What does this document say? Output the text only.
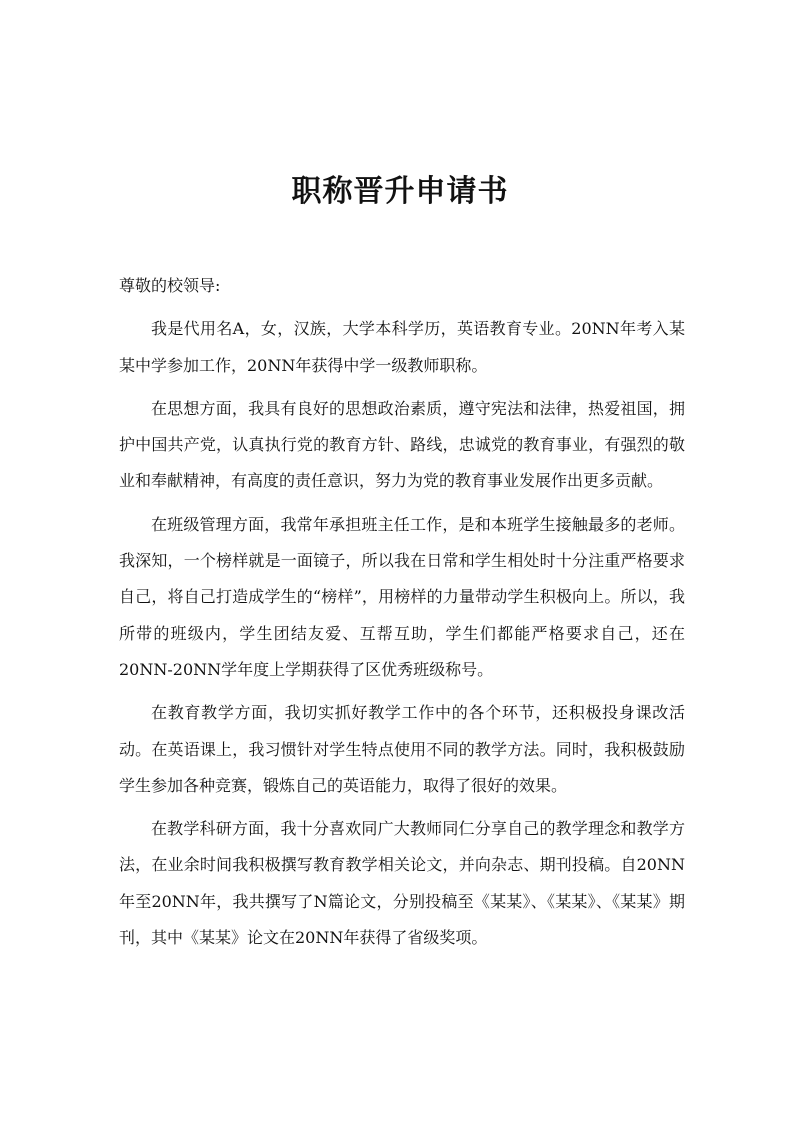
职称晋升申请书

尊敬的校领导:

我是代用名A，女，汉族，大学本科学历，英语教育专业。20NN年考入某某中学参加工作，20NN年获得中学一级教师职称。

在思想方面，我具有良好的思想政治素质，遵守宪法和法律，热爱祖国，拥护中国共产党，认真执行党的教育方针、路线，忠诚党的教育事业，有强烈的敬业和奉献精神，有高度的责任意识，努力为党的教育事业发展作出更多贡献。

在班级管理方面，我常年承担班主任工作，是和本班学生接触最多的老师。我深知，一个榜样就是一面镜子，所以我在日常和学生相处时十分注重严格要求自己，将自己打造成学生的“榜样”，用榜样的力量带动学生积极向上。所以，我所带的班级内，学生团结友爱、互帮互助，学生们都能严格要求自己，还在20NN-20NN学年度上学期获得了区优秀班级称号。

在教育教学方面，我切实抓好教学工作中的各个环节，还积极投身课改活动。在英语课上，我习惯针对学生特点使用不同的教学方法。同时，我积极鼓励学生参加各种竞赛，锻炼自己的英语能力，取得了很好的效果。

在教学科研方面，我十分喜欢同广大教师同仁分享自己的教学理念和教学方法，在业余时间我积极撰写教育教学相关论文，并向杂志、期刊投稿。自20NN年至20NN年，我共撰写了N篇论文，分别投稿至《某某》、《某某》、《某某》期刊，其中《某某》论文在20NN年获得了省级奖项。
